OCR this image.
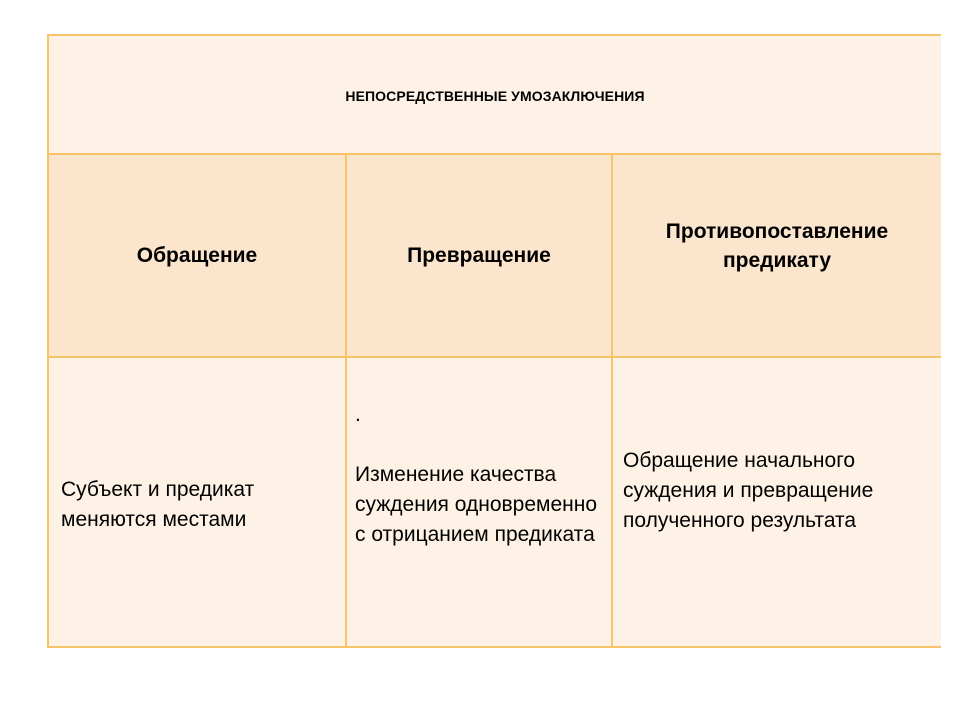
НЕПОСРЕДСТВЕННЫЕ УМОЗАКЛЮЧЕНИЯ
Обращение	Превращение
Противопоставление предикату
Субъект и предикат меняются местами
.
Изменение качества суждения одновременно с отрицанием предиката
Обращение начального суждения и превращение полученного результата
